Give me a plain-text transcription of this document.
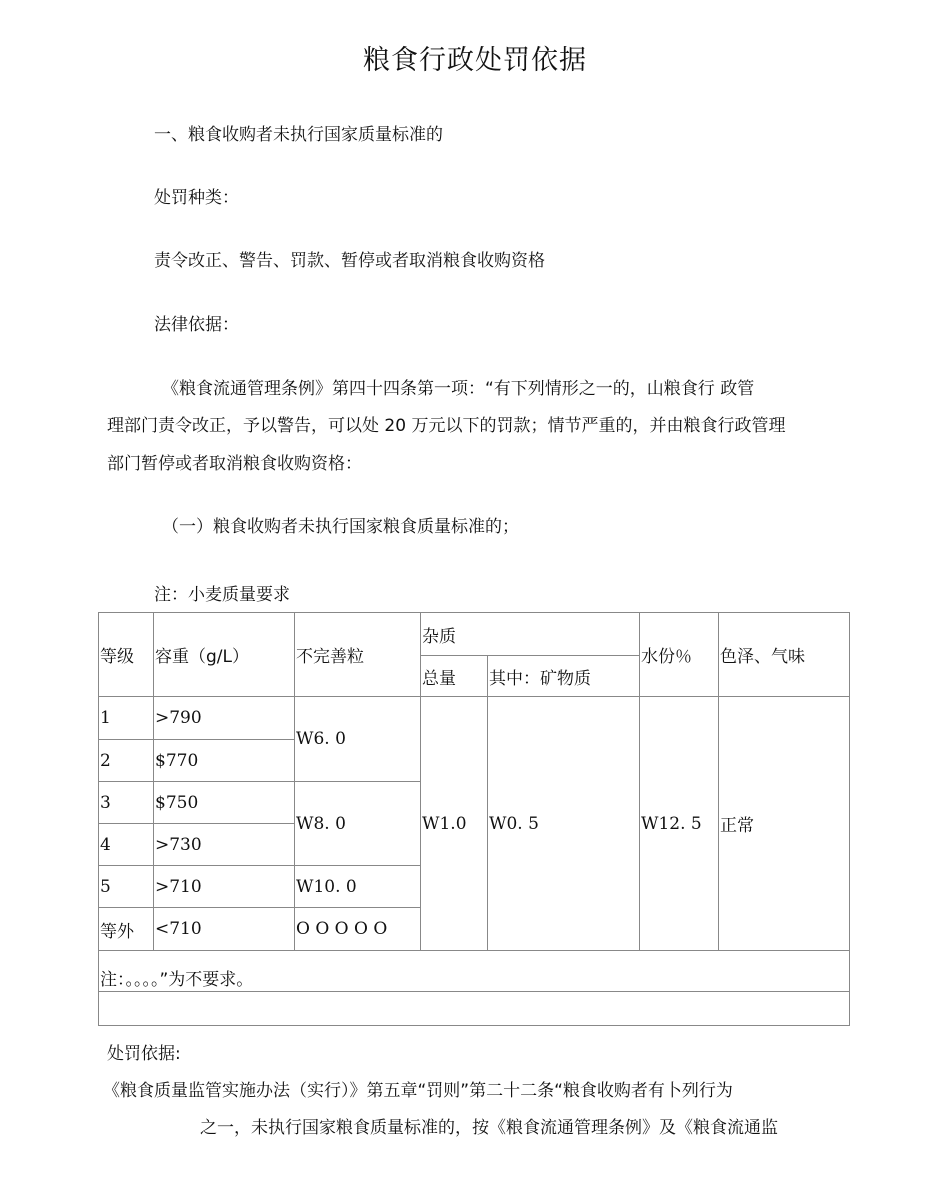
粮食行政处罚依据
一、粮食收购者未执行国家质量标准的
处罚种类：
责令改正、警告、罚款、暂停或者取消粮食收购资格
法律依据：
《粮食流通管理条例》第四十四条第一项：“有下列情形之一的，山粮食行 政管
理部门责令改正，予以警告，可以处 20 万元以下的罚款；情节严重的，并由粮食行政管理
部门暂停或者取消粮食收购资格：
（一）粮食收购者未执行国家粮食质量标准的；
注：小麦质量要求
等级	容重（g/L）	不完善粒	杂质		水份％	色泽、气味
			总量	其中：矿物质		
1	>790	W6. 0	W1.0	W0. 5	W12. 5	正常
2	$770					
3	$750	W8. 0				
4	>730					
5	>710	W10. 0				
等外	<710	O O O O O				
注：。。。。”为不要求。						

处罚依据:
《粮食质量监管实施办法（实行）》第五章“罚则”第二十二条“粮食收购者有卜列行为
之一，未执行国家粮食质量标准的，按《粮食流通管理条例》及《粮食流通监
